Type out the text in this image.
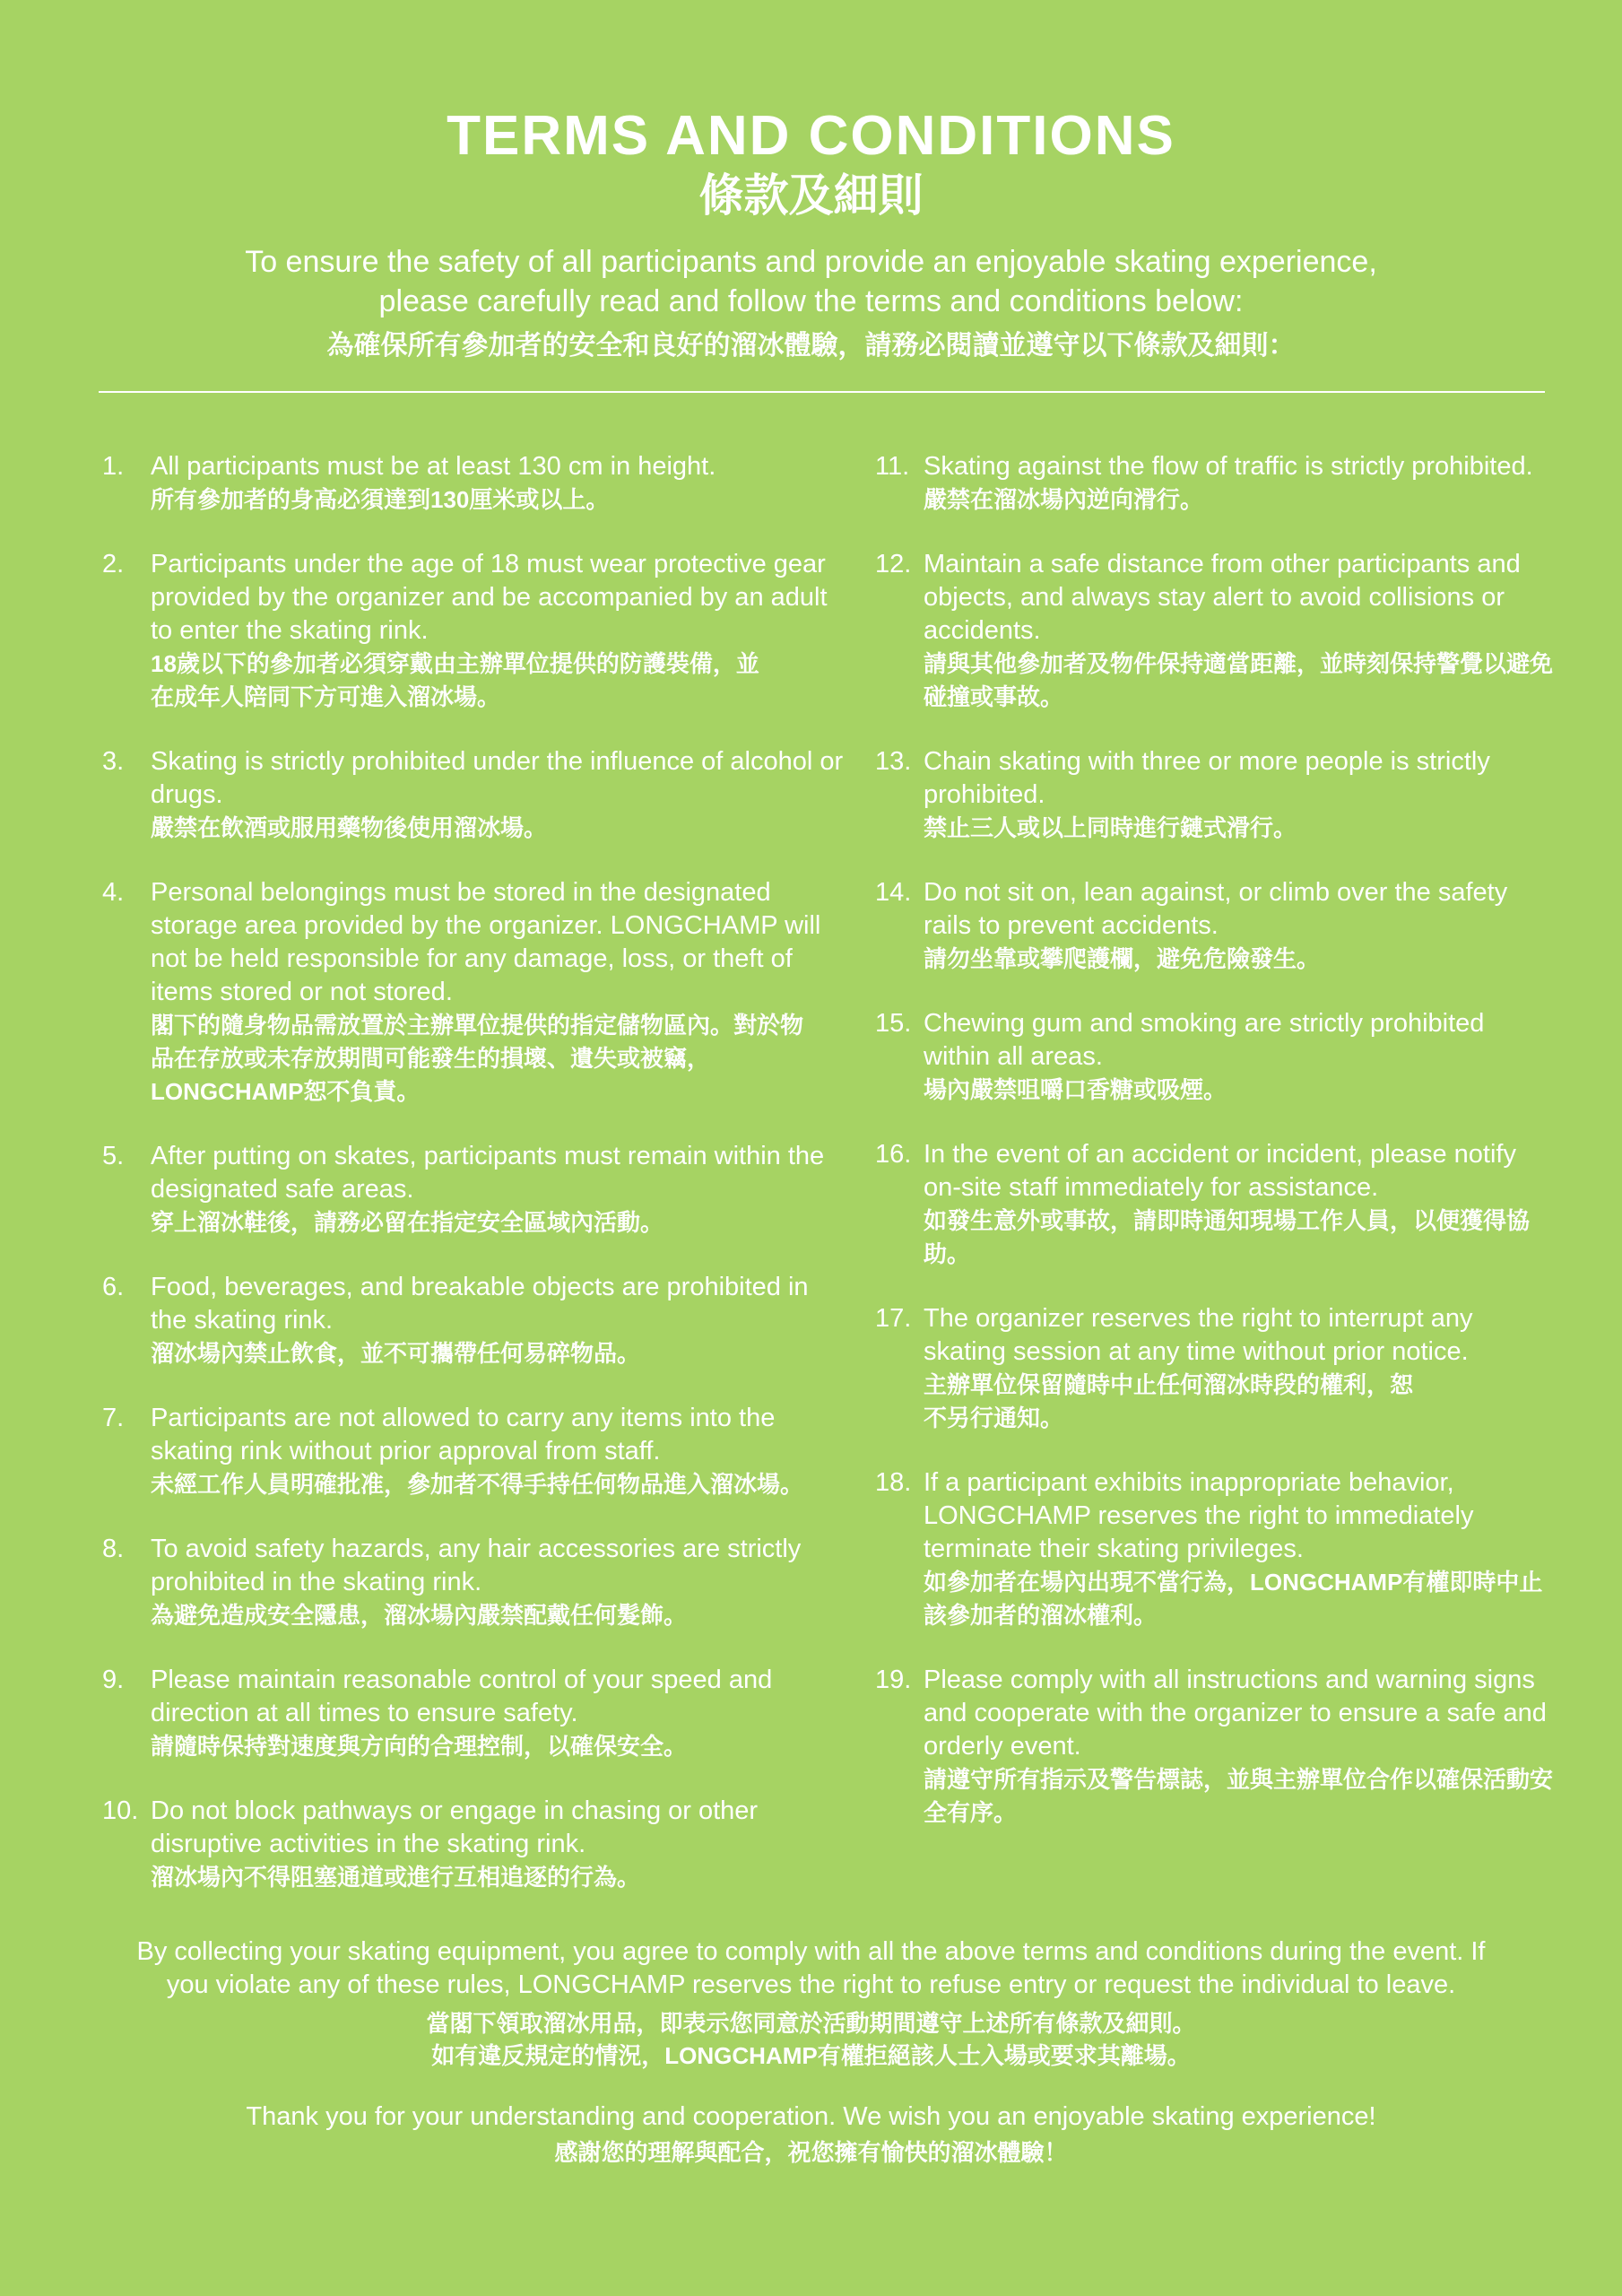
TERMS AND CONDITIONS
條款及細則
To ensure the safety of all participants and provide an enjoyable skating experience,
please carefully read and follow the terms and conditions below:
為確保所有參加者的安全和良好的溜冰體驗，請務必閱讀並遵守以下條款及細則：
1. All participants must be at least 130 cm in height.
所有參加者的身高必須達到130厘米或以上。
2. Participants under the age of 18 must wear protective gear provided by the organizer and be accompanied by an adult to enter the skating rink.
18歲以下的參加者必須穿戴由主辦單位提供的防護裝備，並在成年人陪同下方可進入溜冰場。
3. Skating is strictly prohibited under the influence of alcohol or drugs.
嚴禁在飲酒或服用藥物後使用溜冰場。
4. Personal belongings must be stored in the designated storage area provided by the organizer. LONGCHAMP will not be held responsible for any damage, loss, or theft of items stored or not stored.
閣下的隨身物品需放置於主辦單位提供的指定儲物區內。對於物品在存放或未存放期間可能發生的損壞、遺失或被竊，LONGCHAMP恕不負責。
5. After putting on skates, participants must remain within the designated safe areas.
穿上溜冰鞋後，請務必留在指定安全區域內活動。
6. Food, beverages, and breakable objects are prohibited in the skating rink.
溜冰場內禁止飲食，並不可攜帶任何易碎物品。
7. Participants are not allowed to carry any items into the skating rink without prior approval from staff.
未經工作人員明確批准，參加者不得手持任何物品進入溜冰場。
8. To avoid safety hazards, any hair accessories are strictly prohibited in the skating rink.
為避免造成安全隱患，溜冰場內嚴禁配戴任何髮飾。
9. Please maintain reasonable control of your speed and direction at all times to ensure safety.
請隨時保持對速度與方向的合理控制，以確保安全。
10. Do not block pathways or engage in chasing or other disruptive activities in the skating rink.
溜冰場內不得阻塞通道或進行互相追逐的行為。
11. Skating against the flow of traffic is strictly prohibited.
嚴禁在溜冰場內逆向滑行。
12. Maintain a safe distance from other participants and objects, and always stay alert to avoid collisions or accidents.
請與其他參加者及物件保持適當距離，並時刻保持警覺以避免碰撞或事故。
13. Chain skating with three or more people is strictly prohibited.
禁止三人或以上同時進行鏈式滑行。
14. Do not sit on, lean against, or climb over the safety rails to prevent accidents.
請勿坐靠或攀爬護欄，避免危險發生。
15. Chewing gum and smoking are strictly prohibited within all areas.
場內嚴禁咀嚼口香糖或吸煙。
16. In the event of an accident or incident, please notify on-site staff immediately for assistance.
如發生意外或事故，請即時通知現場工作人員，以便獲得協助。
17. The organizer reserves the right to interrupt any skating session at any time without prior notice.
主辦單位保留隨時中止任何溜冰時段的權利，恕不另行通知。
18. If a participant exhibits inappropriate behavior, LONGCHAMP reserves the right to immediately terminate their skating privileges.
如參加者在場內出現不當行為，LONGCHAMP有權即時中止該參加者的溜冰權利。
19. Please comply with all instructions and warning signs and cooperate with the organizer to ensure a safe and orderly event.
請遵守所有指示及警告標誌，並與主辦單位合作以確保活動安全有序。
By collecting your skating equipment, you agree to comply with all the above terms and conditions during the event. If you violate any of these rules, LONGCHAMP reserves the right to refuse entry or request the individual to leave.
當閣下領取溜冰用品，即表示您同意於活動期間遵守上述所有條款及細則。
如有違反規定的情況，LONGCHAMP有權拒絕該人士入場或要求其離場。
Thank you for your understanding and cooperation. We wish you an enjoyable skating experience!
感謝您的理解與配合，祝您擁有愉快的溜冰體驗！
